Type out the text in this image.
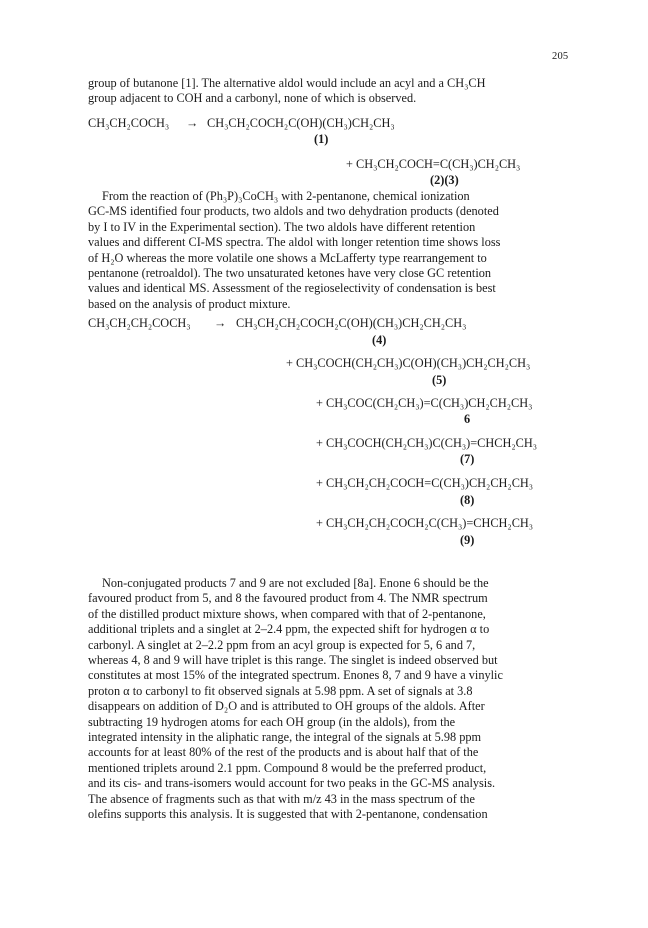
205
group of butanone [1]. The alternative aldol would include an acyl and a CH₃CH
group adjacent to COH and a carbonyl, none of which is observed.
CH₃CH₂COCH₃ → CH₃CH₂COCH₂C(OH)(CH₃)CH₂CH₃
(1)
+ CH₃CH₂COCH=C(CH₃)CH₂CH₃
(2)(3)
From the reaction of (Ph₃P)₃CoCH₃ with 2-pentanone, chemical ionization
GC-MS identified four products, two aldols and two dehydration products (denoted
by I to IV in the Experimental section). The two aldols have different retention
values and different CI-MS spectra. The aldol with longer retention time shows loss
of H₂O whereas the more volatile one shows a McLafferty type rearrangement to
pentanone (retroaldol). The two unsaturated ketones have very close GC retention
values and identical MS. Assessment of the regioselectivity of condensation is best
based on the analysis of product mixture.
CH₃CH₂CH₂COCH₃ → CH₃CH₂CH₂COCH₂C(OH)(CH₃)CH₂CH₂CH₃
(4)
+ CH₃COCH(CH₂CH₃)C(OH)(CH₃)CH₂CH₂CH₃
(5)
+ CH₃COC(CH₂CH₃)=C(CH₃)CH₂CH₂CH₃
6
+ CH₃COCH(CH₂CH₃)C(CH₃)=CHCH₂CH₃
(7)
+ CH₃CH₂CH₂COCH=C(CH₃)CH₂CH₂CH₃
(8)
+ CH₃CH₂CH₂COCH₂C(CH₃)=CHCH₂CH₃
(9)
Non-conjugated products 7 and 9 are not excluded [8a]. Enone 6 should be the
favoured product from 5, and 8 the favoured product from 4. The NMR spectrum
of the distilled product mixture shows, when compared with that of 2-pentanone,
additional triplets and a singlet at 2–2.4 ppm, the expected shift for hydrogen α to
carbonyl. A singlet at 2–2.2 ppm from an acyl group is expected for 5, 6 and 7,
whereas 4, 8 and 9 will have triplet is this range. The singlet is indeed observed but
constitutes at most 15% of the integrated spectrum. Enones 8, 7 and 9 have a vinylic
proton α to carbonyl to fit observed signals at 5.98 ppm. A set of signals at 3.8
disappears on addition of D₂O and is attributed to OH groups of the aldols. After
subtracting 19 hydrogen atoms for each OH group (in the aldols), from the
integrated intensity in the aliphatic range, the integral of the signals at 5.98 ppm
accounts for at least 80% of the rest of the products and is about half that of the
mentioned triplets around 2.1 ppm. Compound 8 would be the preferred product,
and its cis- and trans-isomers would account for two peaks in the GC-MS analysis.
The absence of fragments such as that with m/z 43 in the mass spectrum of the
olefins supports this analysis. It is suggested that with 2-pentanone, condensation
